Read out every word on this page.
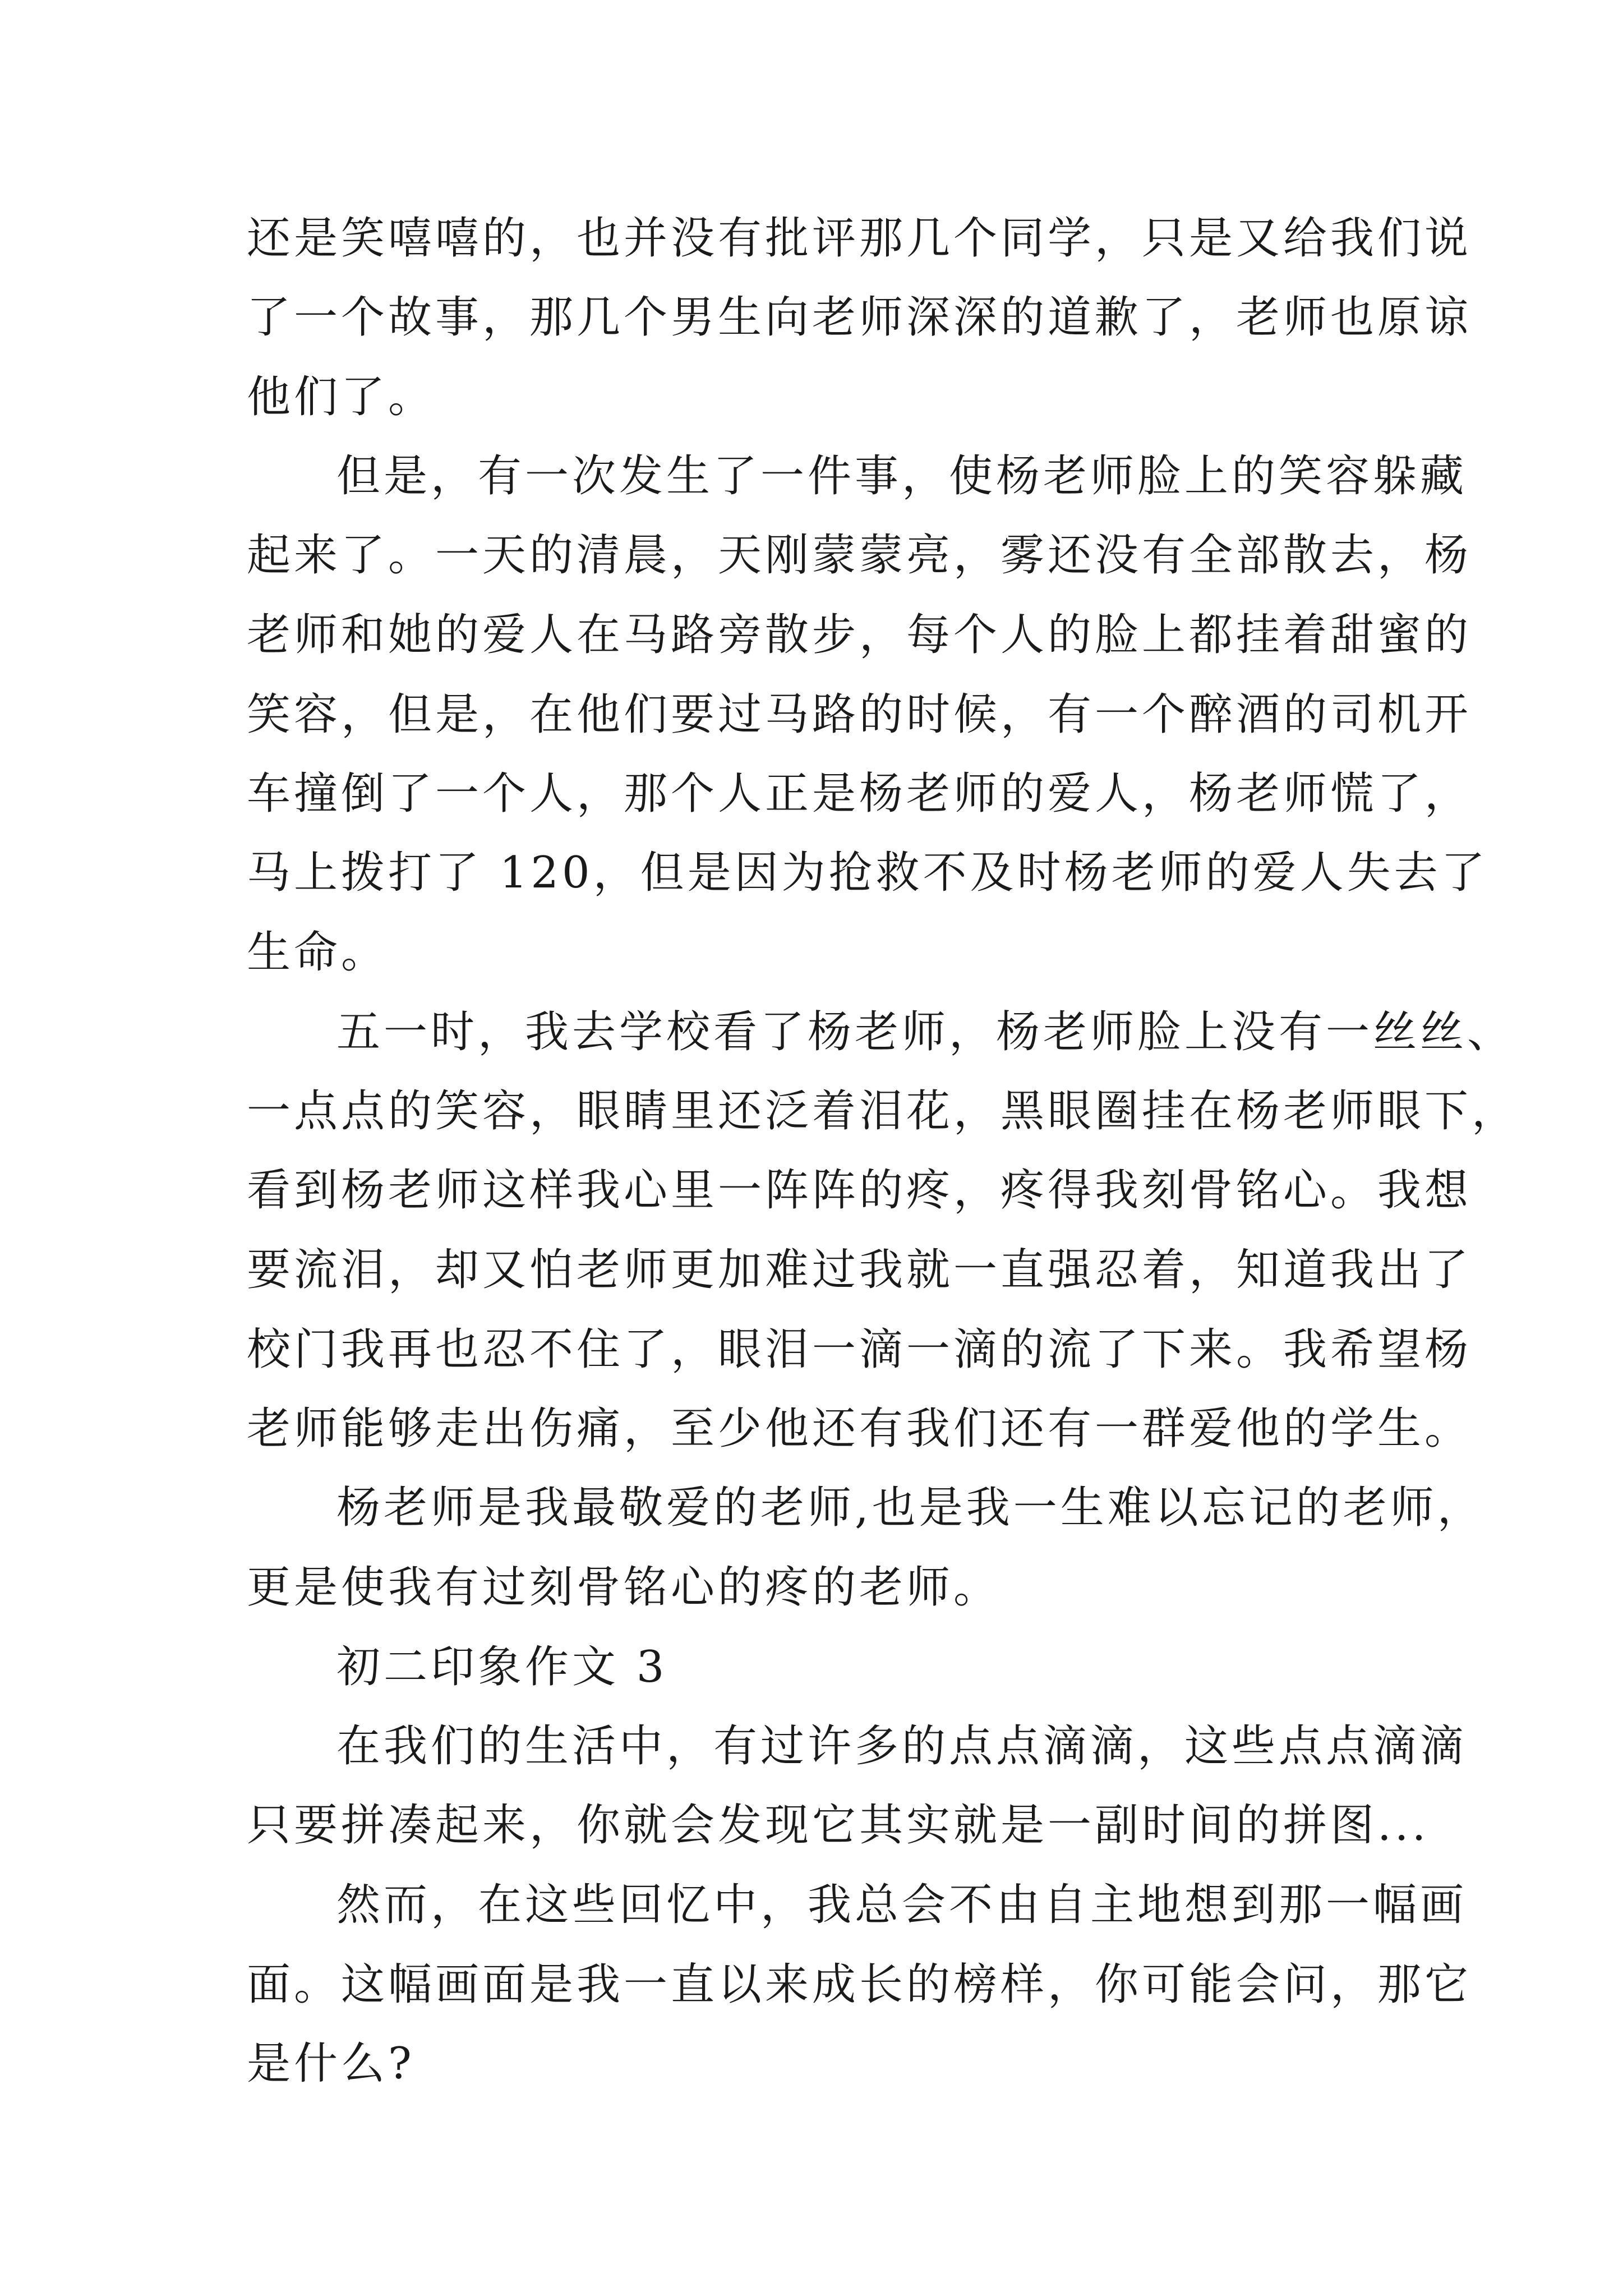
还是笑嘻嘻的，也并没有批评那几个同学，只是又给我们说
了一个故事，那几个男生向老师深深的道歉了，老师也原谅
他们了。
但是，有一次发生了一件事，使杨老师脸上的笑容躲藏
起来了。一天的清晨，天刚蒙蒙亮，雾还没有全部散去，杨
老师和她的爱人在马路旁散步，每个人的脸上都挂着甜蜜的
笑容，但是，在他们要过马路的时候，有一个醉酒的司机开
车撞倒了一个人，那个人正是杨老师的爱人，杨老师慌了，
马上拨打了 120，但是因为抢救不及时杨老师的爱人失去了
生命。
五一时，我去学校看了杨老师，杨老师脸上没有一丝丝、
一点点的笑容，眼睛里还泛着泪花，黑眼圈挂在杨老师眼下，
看到杨老师这样我心里一阵阵的疼，疼得我刻骨铭心。我想
要流泪，却又怕老师更加难过我就一直强忍着，知道我出了
校门我再也忍不住了，眼泪一滴一滴的流了下来。我希望杨
老师能够走出伤痛，至少他还有我们还有一群爱他的学生。
杨老师是我最敬爱的老师,也是我一生难以忘记的老师，
更是使我有过刻骨铭心的疼的老师。
初二印象作文 3
在我们的生活中，有过许多的点点滴滴，这些点点滴滴
只要拼凑起来，你就会发现它其实就是一副时间的拼图...
然而，在这些回忆中，我总会不由自主地想到那一幅画
面。这幅画面是我一直以来成长的榜样，你可能会问，那它
是什么?
